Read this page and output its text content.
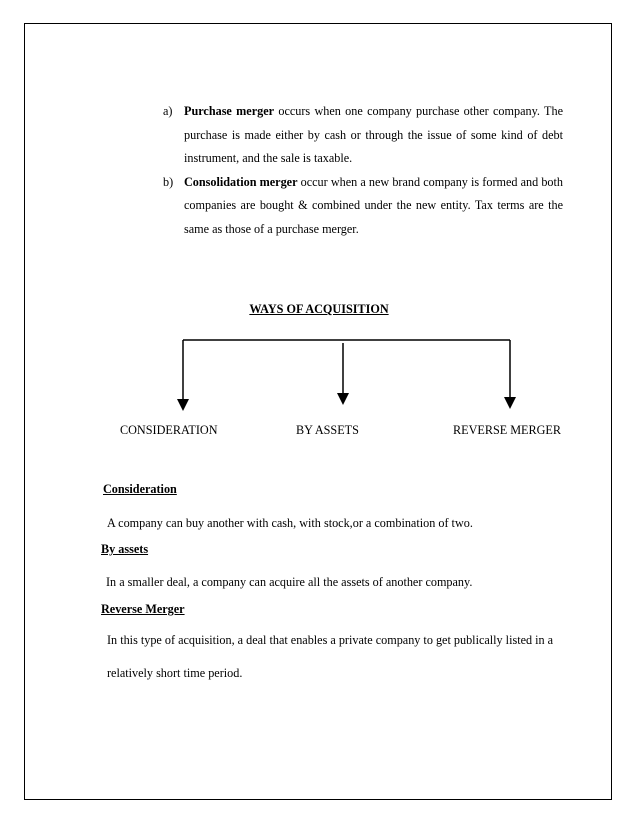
a) Purchase merger occurs when one company purchase other company. The purchase is made either by cash or through the issue of some kind of debt instrument, and the sale is taxable.
b) Consolidation merger occur when a new brand company is formed and both companies are bought & combined under the new entity. Tax terms are the same as those of a purchase merger.
WAYS OF ACQUISITION
CONSIDERATION	BY ASSETS	REVERSE MERGER
Consideration
A company can buy another with cash, with stock,or a combination of two.
By assets
In a smaller deal, a company can acquire all the assets of another company.
Reverse Merger
In this type of acquisition, a deal that enables a private company to get publically listed in a
relatively short time period.
